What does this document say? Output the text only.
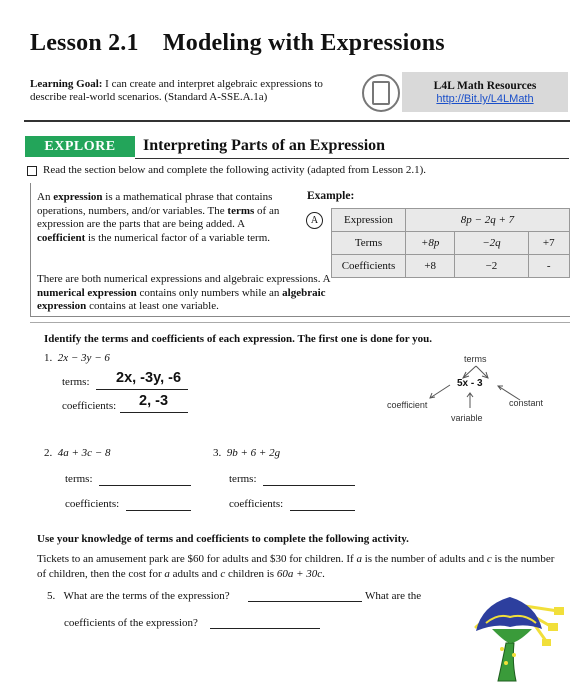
Lesson 2.1 Modeling with Expressions
Learning Goal: I can create and interpret algebraic expressions to describe real-world scenarios. (Standard A-SSE.A.1a)
L4L Math Resources
http://Bit.ly/L4LMath
EXPLORE	Interpreting Parts of an Expression
Read the section below and complete the following activity (adapted from Lesson 2.1).
An expression is a mathematical phrase that contains operations, numbers, and/or variables. The terms of an expression are the parts that are being added. A coefficient is the numerical factor of a variable term.
There are both numerical expressions and algebraic expressions. A numerical expression contains only numbers while an algebraic expression contains at least one variable.
Example:
A	Expression	8p − 2q + 7		
Terms	+8p	−2q	+7
Coefficients	+8	−2	-
Identify the terms and coefficients of each expression. The first one is done for you.
1. 2x − 3y − 6
terms: 2x, -3y, -6
coefficients: 2, -3
terms
5x - 3
coefficient	constant
variable
2. 4a + 3c − 8
terms:
coefficients:
3. 9b + 6 + 2g
terms:
coefficients:
Use your knowledge of terms and coefficients to complete the following activity.
Tickets to an amusement park are $60 for adults and $30 for children. If a is the number of adults and c is the number of children, then the cost for a adults and c children is 60a + 30c.
5. What are the terms of the expression?	What are the
coefficients of the expression?
